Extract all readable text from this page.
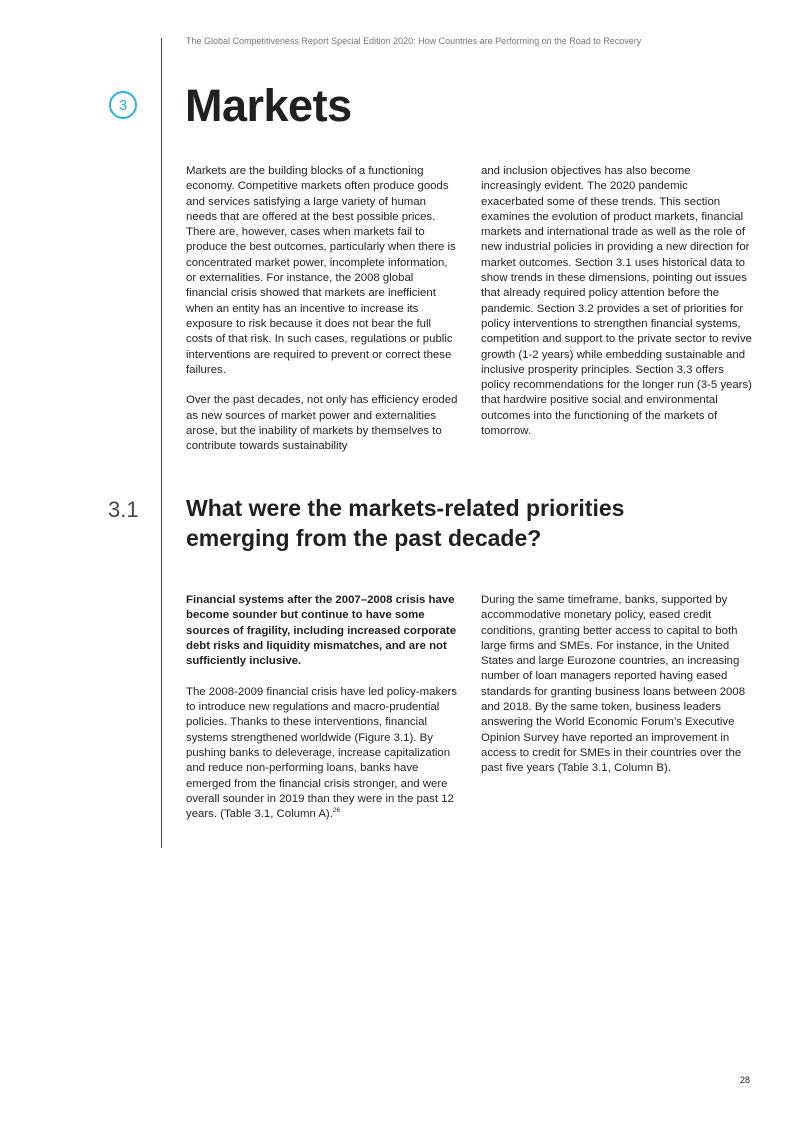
The Global Competitiveness Report Special Edition 2020: How Countries are Performing on the Road to Recovery
3 Markets

Markets are the building blocks of a functioning economy. Competitive markets often produce goods and services satisfying a large variety of human needs that are offered at the best possible prices. There are, however, cases when markets fail to produce the best outcomes, particularly when there is concentrated market power, incomplete information, or externalities. For instance, the 2008 global financial crisis showed that markets are inefficient when an entity has an incentive to increase its exposure to risk because it does not bear the full costs of that risk. In such cases, regulations or public interventions are required to prevent or correct these failures.

Over the past decades, not only has efficiency eroded as new sources of market power and externalities arose, but the inability of markets by themselves to contribute towards sustainability

and inclusion objectives has also become increasingly evident. The 2020 pandemic exacerbated some of these trends. This section examines the evolution of product markets, financial markets and international trade as well as the role of new industrial policies in providing a new direction for market outcomes. Section 3.1 uses historical data to show trends in these dimensions, pointing out issues that already required policy attention before the pandemic. Section 3.2 provides a set of priorities for policy interventions to strengthen financial systems, competition and support to the private sector to revive growth (1-2 years) while embedding sustainable and inclusive prosperity principles. Section 3.3 offers policy recommendations for the longer run (3-5 years) that hardwire positive social and environmental outcomes into the functioning of the markets of tomorrow.

3.1 What were the markets-related priorities emerging from the past decade?

Financial systems after the 2007–2008 crisis have become sounder but continue to have some sources of fragility, including increased corporate debt risks and liquidity mismatches, and are not sufficiently inclusive.

The 2008-2009 financial crisis have led policy-makers to introduce new regulations and macro-prudential policies. Thanks to these interventions, financial systems strengthened worldwide (Figure 3.1). By pushing banks to deleverage, increase capitalization and reduce non-performing loans, banks have emerged from the financial crisis stronger, and were overall sounder in 2019 than they were in the past 12 years. (Table 3.1, Column A).$^{26}$

During the same timeframe, banks, supported by accommodative monetary policy, eased credit conditions, granting better access to capital to both large firms and SMEs. For instance, in the United States and large Eurozone countries, an increasing number of loan managers reported having eased standards for granting business loans between 2008 and 2018. By the same token, business leaders answering the World Economic Forum’s Executive Opinion Survey have reported an improvement in access to credit for SMEs in their countries over the past five years (Table 3.1, Column B).

28
